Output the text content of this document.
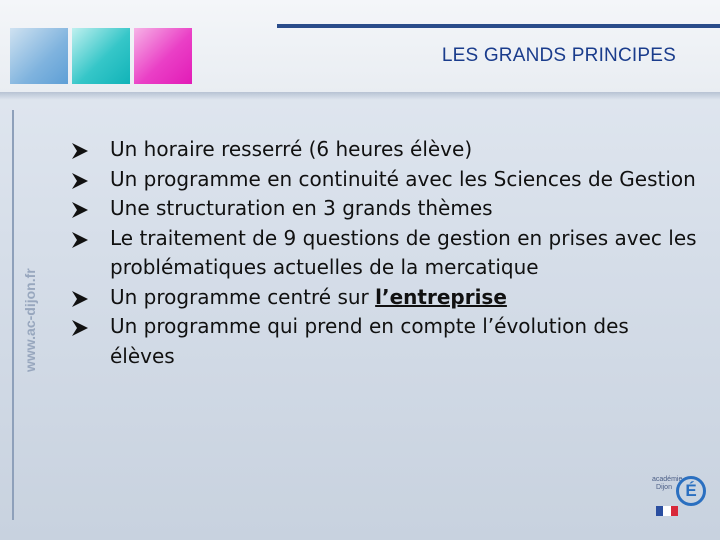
LES GRANDS PRINCIPES
www.ac-dijon.fr
Un horaire resserré (6 heures élève)
Un programme en continuité avec les Sciences de Gestion
Une structuration en 3 grands thèmes
Le traitement de 9 questions de gestion en prises avec les problématiques actuelles de la mercatique
Un programme centré sur l’entreprise
Un programme qui prend en compte l’évolution des élèves
académie
Dijon É
